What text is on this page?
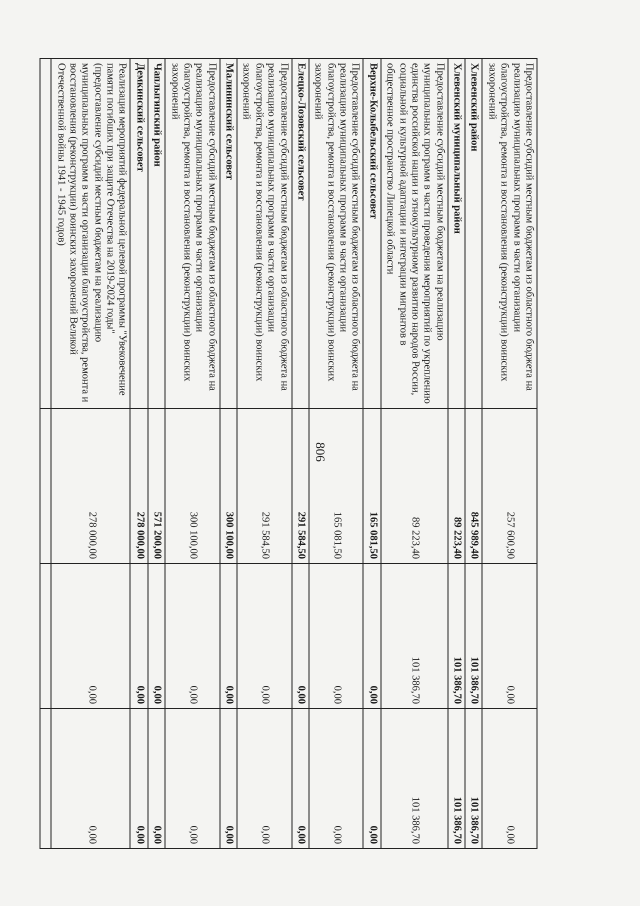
806
Предоставление субсидий местным бюджетам из областного бюджета на реализацию муниципальных программ в части организации благоустройства, ремонта и восстановления (реконструкции) воинских захоронений	257 600,90	0,00	0,00
Хлевенский район	845 989,40	101 386,70	101 386,70
Хлевенский муниципальный район	89 223,40	101 386,70	101 386,70
Предоставление субсидий местным бюджетам на реализацию муниципальных программ в части проведения мероприятий по укреплению единства российской нации и этнокультурному развитию народов России, социальной и культурной адаптации и интеграции мигрантов в общественное пространство Липецкой области	89 223,40	101 386,70	101 386,70
Верхне-Колыбельский сельсовет	165 081,50	0,00	0,00
Предоставление субсидий местным бюджетам из областного бюджета на реализацию муниципальных программ в части организации благоустройства, ремонта и восстановления (реконструкции) воинских захоронений	165 081,50	0,00	0,00
Елецко-Лозовский сельсовет	291 584,50	0,00	0,00
Предоставление субсидий местным бюджетам из областного бюджета на реализацию муниципальных программ в части организации благоустройства, ремонта и восстановления (реконструкции) воинских захоронений	291 584,50	0,00	0,00
Малининский сельсовет	300 100,00	0,00	0,00
Предоставление субсидий местным бюджетам из областного бюджета на реализацию муниципальных программ в части организации благоустройства, ремонта и восстановления (реконструкции) воинских захоронений	300 100,00	0,00	0,00
Чаплыгинский район	571 200,00	0,00	0,00
Демкинский сельсовет	278 000,00	0,00	0,00
Реализация мероприятий федеральной целевой программы "Увековечение памяти погибших при защите Отечества на 2019-2024 годы" (предоставление субсидий местным бюджетам на реализацию муниципальных программ в части организации благоустройства, ремонта и восстановления (реконструкции) воинских захоронений Великой Отечественной войны 1941 - 1945 годов)	278 000,00	0,00	0,00
